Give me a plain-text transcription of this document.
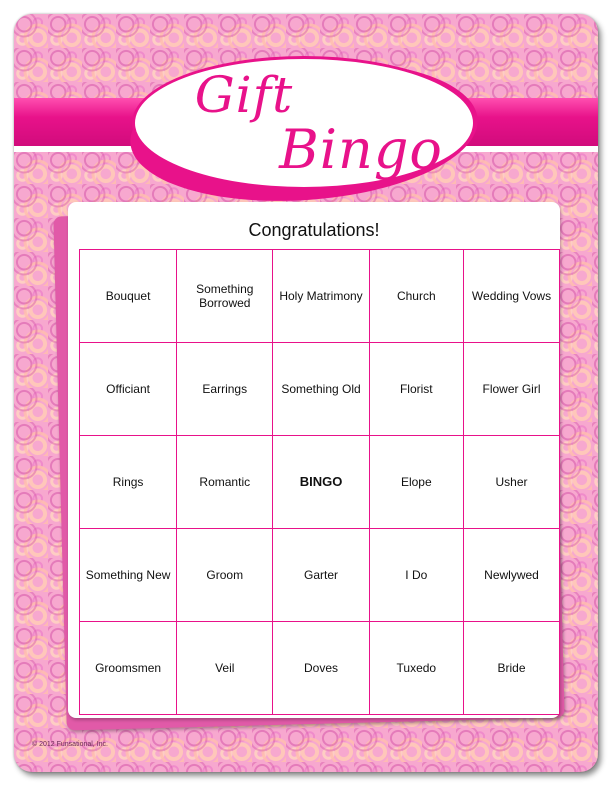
Gift
Bingo
Congratulations!
Bouquet	Something Borrowed	Holy Matrimony	Church	Wedding Vows
Officiant	Earrings	Something Old	Florist	Flower Girl
Rings	Romantic	BINGO	Elope	Usher
Something New	Groom	Garter	I Do	Newlywed
Groomsmen	Veil	Doves	Tuxedo	Bride
© 2012 Funsational, Inc.
